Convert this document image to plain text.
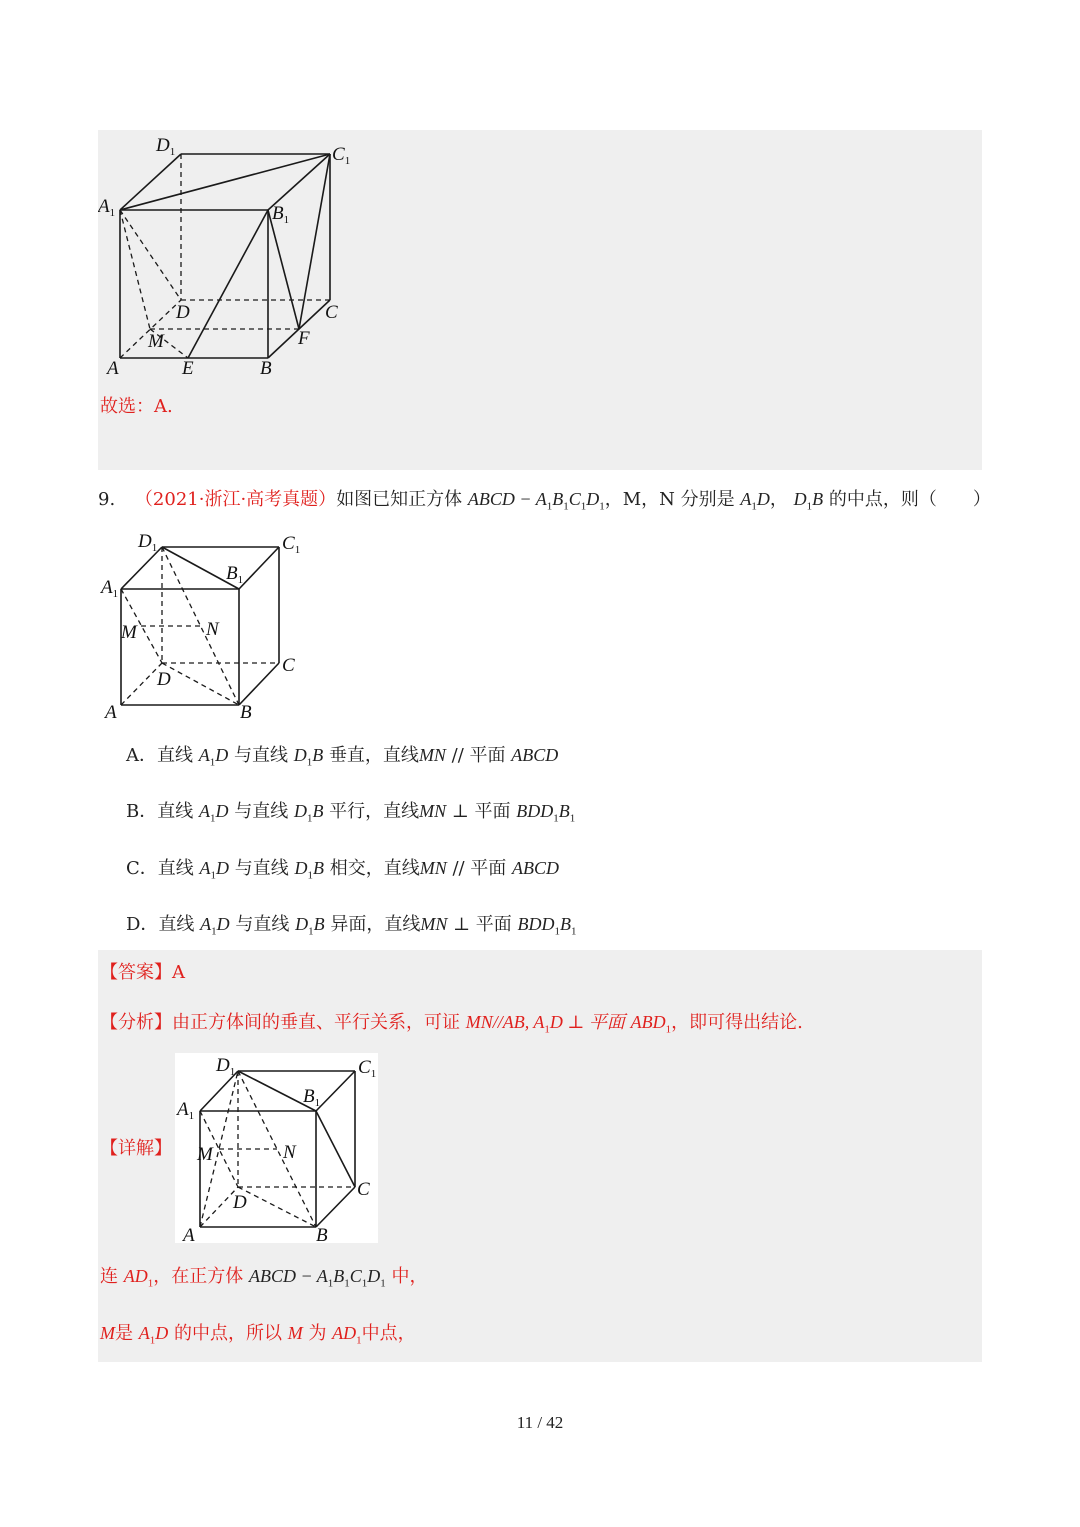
$D_1$	$C_1$
$A_1$	$B_1$
D	C
M	F
A	E	B
故选：A.
9. （2021·浙江·高考真题）如图已知正方体 ABCD − $A_1B_1C_1D_1$，M，N 分别是 $A_1D$， $D_1B$ 的中点，则（　　）
$D_1$	$C_1$
$B_1$
$A_1$
M	N
C
D
A	B
A．直线 $A_1D$ 与直线 $D_1B$ 垂直，直线MN // 平面 ABCD
B．直线 $A_1D$ 与直线 $D_1B$ 平行，直线MN ⊥ 平面 $BDD_1B_1$
C．直线 $A_1D$ 与直线 $D_1B$ 相交，直线MN // 平面 ABCD
D．直线 $A_1D$ 与直线 $D_1B$ 异面，直线MN ⊥ 平面 $BDD_1B_1$
【答案】A
【分析】由正方体间的垂直、平行关系，可证 MN//AB, $A_1D$ ⊥ 平面 $ABD_1$，即可得出结论.
【详解】
$D_1$	$C_1$
$B_1$
$A_1$
M	N
C
D
A	B
连 $AD_1$，在正方体 ABCD − $A_1B_1C_1D_1$ 中，
M是 $A_1D$ 的中点，所以 M 为 $AD_1$中点，
11 / 42
